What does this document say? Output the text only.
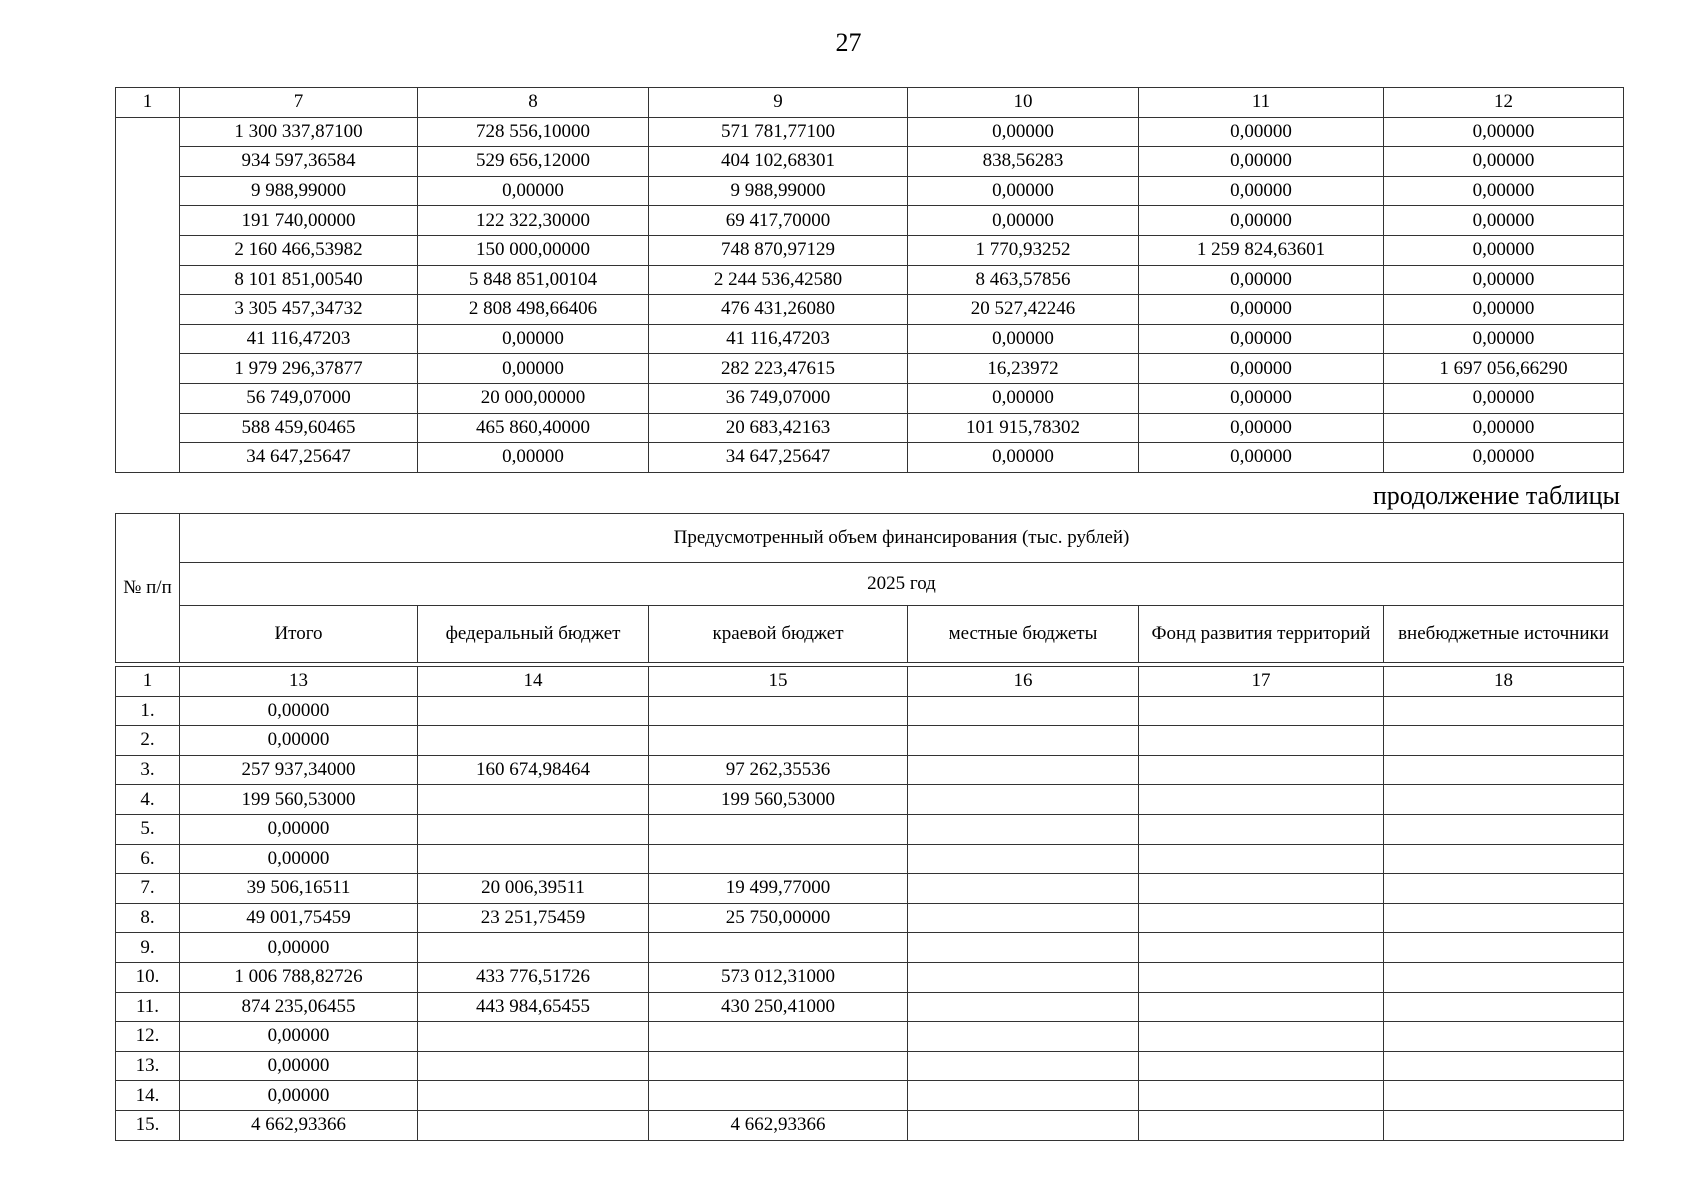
27
1	7	8	9	10	11	12
	1 300 337,87100	728 556,10000	571 781,77100	0,00000	0,00000	0,00000
	934 597,36584	529 656,12000	404 102,68301	838,56283	0,00000	0,00000
	9 988,99000	0,00000	9 988,99000	0,00000	0,00000	0,00000
	191 740,00000	122 322,30000	69 417,70000	0,00000	0,00000	0,00000
	2 160 466,53982	150 000,00000	748 870,97129	1 770,93252	1 259 824,63601	0,00000
	8 101 851,00540	5 848 851,00104	2 244 536,42580	8 463,57856	0,00000	0,00000
	3 305 457,34732	2 808 498,66406	476 431,26080	20 527,42246	0,00000	0,00000
	41 116,47203	0,00000	41 116,47203	0,00000	0,00000	0,00000
	1 979 296,37877	0,00000	282 223,47615	16,23972	0,00000	1 697 056,66290
	56 749,07000	20 000,00000	36 749,07000	0,00000	0,00000	0,00000
	588 459,60465	465 860,40000	20 683,42163	101 915,78302	0,00000	0,00000
	34 647,25647	0,00000	34 647,25647	0,00000	0,00000	0,00000
продолжение таблицы
№ п/п	Предусмотренный объем финансирования (тыс. рублей)					
	2025 год					
	Итого	федеральный бюджет	краевой бюджет	местные бюджеты	Фонд развития территорий	внебюджетные источники
1	13	14	15	16	17	18
1.	0,00000					
2.	0,00000					
3.	257 937,34000	160 674,98464	97 262,35536			
4.	199 560,53000		199 560,53000			
5.	0,00000					
6.	0,00000					
7.	39 506,16511	20 006,39511	19 499,77000			
8.	49 001,75459	23 251,75459	25 750,00000			
9.	0,00000					
10.	1 006 788,82726	433 776,51726	573 012,31000			
11.	874 235,06455	443 984,65455	430 250,41000			
12.	0,00000					
13.	0,00000					
14.	0,00000					
15.	4 662,93366		4 662,93366			
